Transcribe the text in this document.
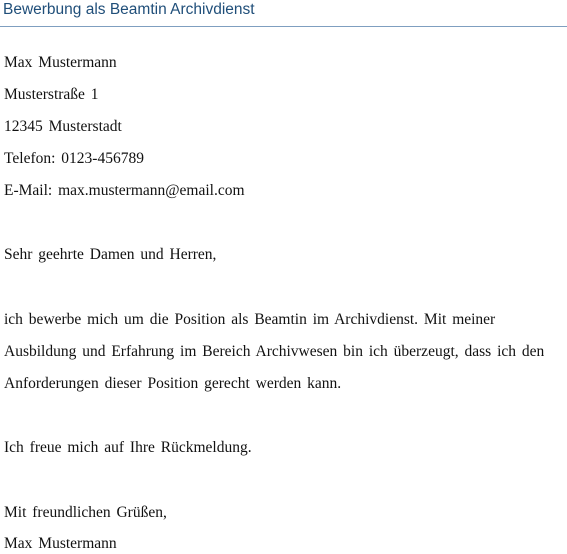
Bewerbung als Beamtin Archivdienst
Max Mustermann
Musterstraße 1
12345 Musterstadt
Telefon: 0123-456789
E-Mail: max.mustermann@email.com
Sehr geehrte Damen und Herren,
ich bewerbe mich um die Position als Beamtin im Archivdienst. Mit meiner
Ausbildung und Erfahrung im Bereich Archivwesen bin ich überzeugt, dass ich den
Anforderungen dieser Position gerecht werden kann.
Ich freue mich auf Ihre Rückmeldung.
Mit freundlichen Grüßen,
Max Mustermann
